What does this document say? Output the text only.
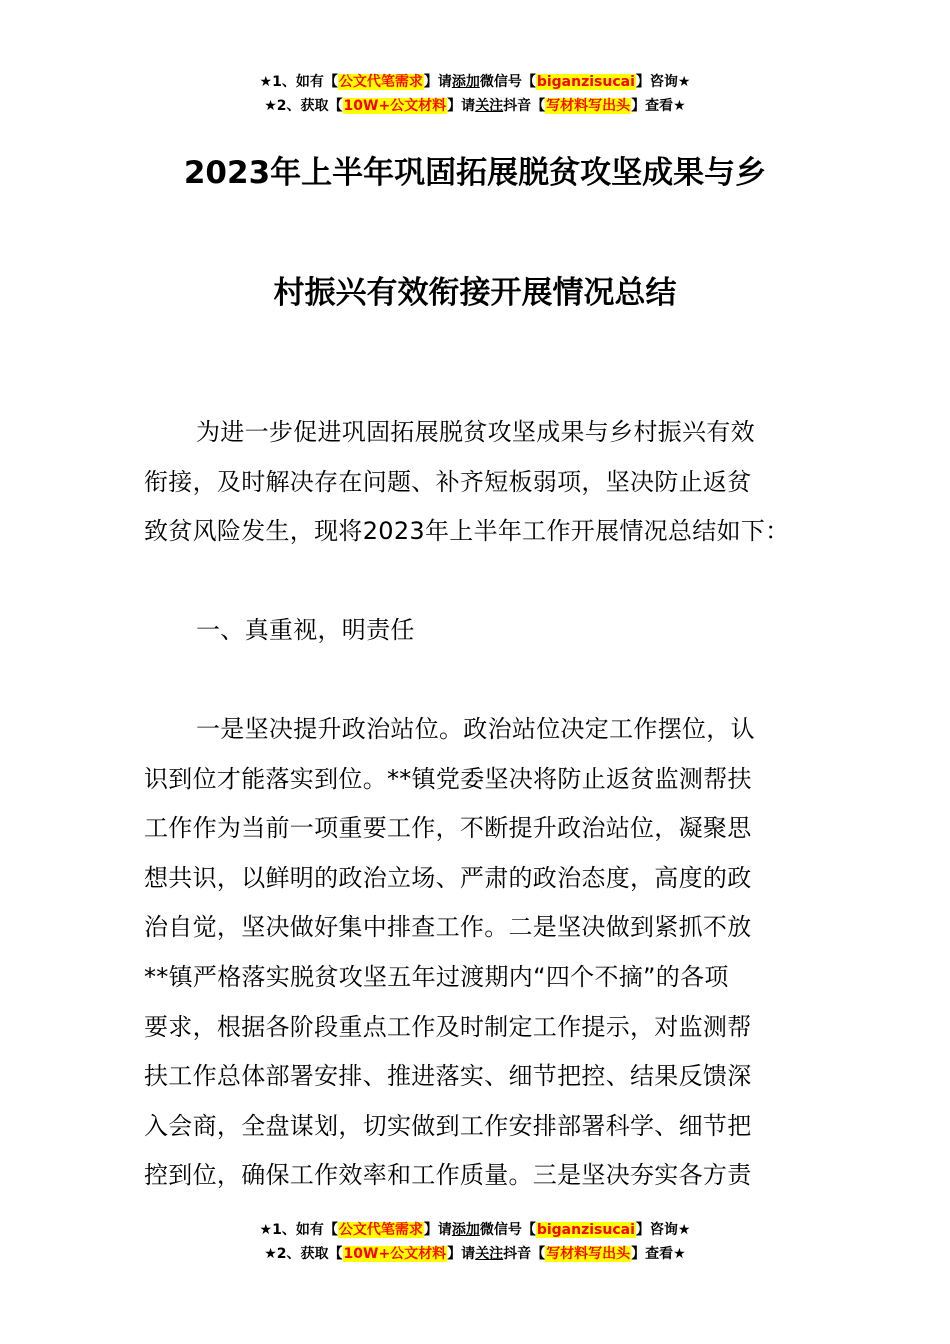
★1、如有【公文代笔需求】请添加微信号【biganzisucai】咨询★
★2、获取【10W+公文材料】请关注抖音【写材料写出头】查看★
2023年上半年巩固拓展脱贫攻坚成果与乡
村振兴有效衔接开展情况总结
为进一步促进巩固拓展脱贫攻坚成果与乡村振兴有效
衔接，及时解决存在问题、补齐短板弱项，坚决防止返贫
致贫风险发生，现将2023年上半年工作开展情况总结如下：
一、真重视，明责任
一是坚决提升政治站位。政治站位决定工作摆位，认
识到位才能落实到位。**镇党委坚决将防止返贫监测帮扶
工作作为当前一项重要工作，不断提升政治站位，凝聚思
想共识，以鲜明的政治立场、严肃的政治态度，高度的政
治自觉，坚决做好集中排查工作。二是坚决做到紧抓不放
**镇严格落实脱贫攻坚五年过渡期内“四个不摘”的各项
要求，根据各阶段重点工作及时制定工作提示，对监测帮
扶工作总体部署安排、推进落实、细节把控、结果反馈深
入会商，全盘谋划，切实做到工作安排部署科学、细节把
控到位，确保工作效率和工作质量。三是坚决夯实各方责
★1、如有【公文代笔需求】请添加微信号【biganzisucai】咨询★
★2、获取【10W+公文材料】请关注抖音【写材料写出头】查看★
